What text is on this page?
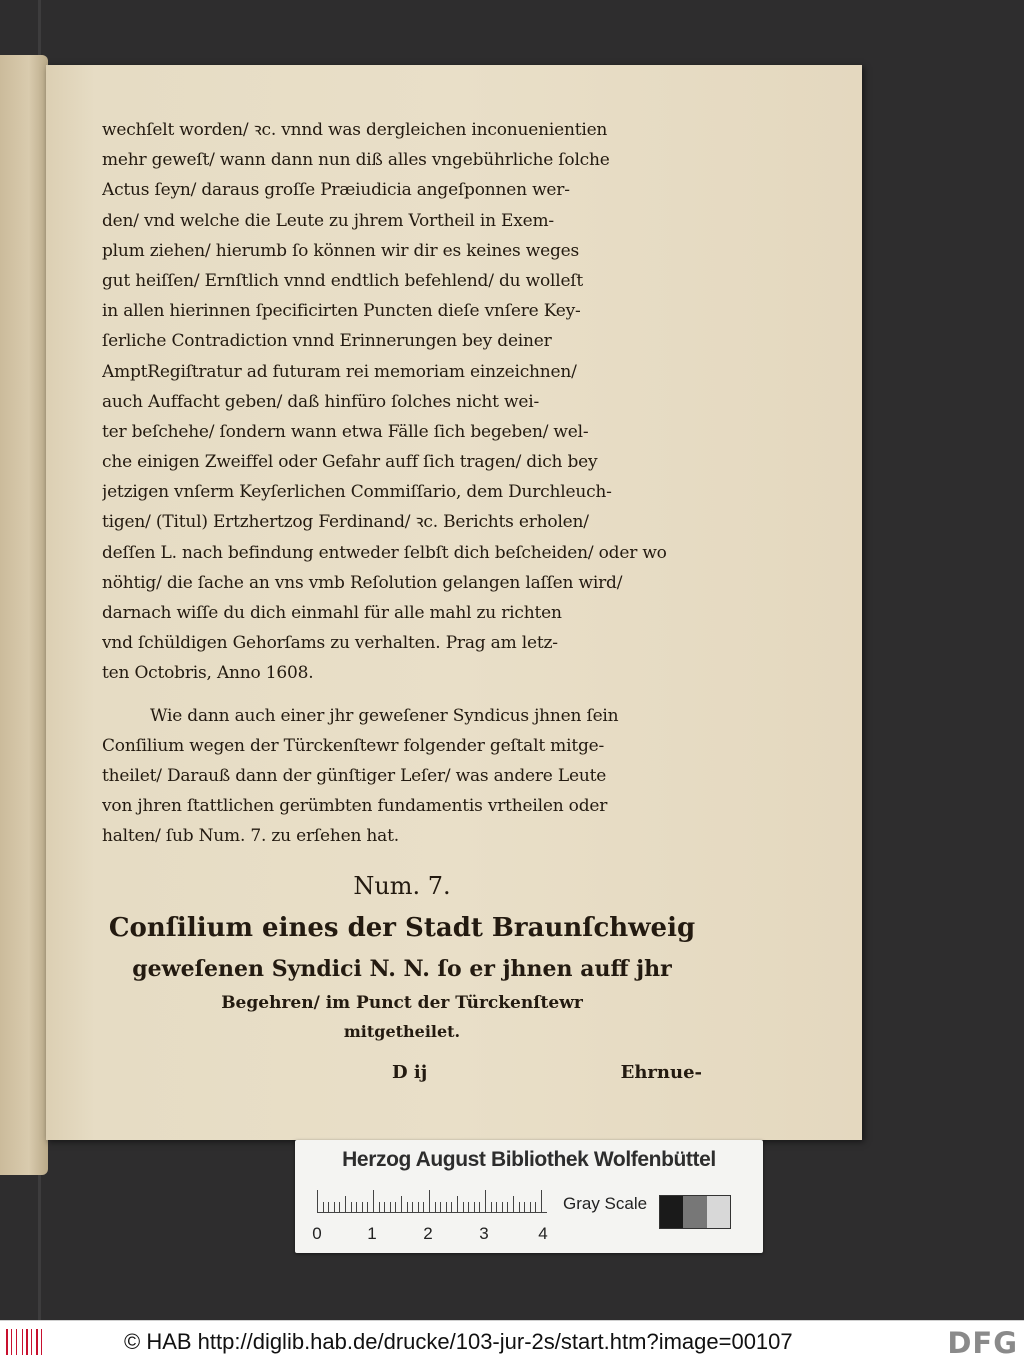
wechſelt worden/ ꝛc. vnnd was dergleichen inconuenientien
mehr geweſt/ wann dann nun diß alles vngebührliche ſolche
Actus ſeyn/ daraus groſſe Præiudicia angeſponnen wer-
den/ vnd welche die Leute zu jhrem Vortheil in Exem-
plum ziehen/ hierumb ſo können wir dir es keines weges
gut heiſſen/ Ernſtlich vnnd endtlich befehlend/ du wolleſt
in allen hierinnen ſpecificirten Puncten dieſe vnſere Key-
ſerliche Contradiction vnnd Erinnerungen bey deiner
AmptRegiſtratur ad futuram rei memoriam einzeichnen/
auch Auffacht geben/ daß hinfüro ſolches nicht wei-
ter beſchehe/ ſondern wann etwa Fälle ſich begeben/ wel-
che einigen Zweiffel oder Gefahr auff ſich tragen/ dich bey
jetzigen vnſerm Keyſerlichen Commiſſario, dem Durchleuch-
tigen/ (Titul) Ertzhertzog Ferdinand/ ꝛc. Berichts erholen/
deſſen L. nach befindung entweder ſelbſt dich beſcheiden/ oder wo
nöhtig/ die ſache an vns vmb Reſolution gelangen laſſen wird/
darnach wiſſe du dich einmahl für alle mahl zu richten
vnd ſchüldigen Gehorſams zu verhalten. Prag am letz-
ten Octobris, Anno 1608.
Wie dann auch einer jhr geweſener Syndicus jhnen ſein
Conſilium wegen der Türckenſtewr folgender geſtalt mitge-
theilet/ Darauß dann der günſtiger Leſer/ was andere Leute
von jhren ſtattlichen gerümbten fundamentis vrtheilen oder
halten/ ſub Num. 7. zu erſehen hat.
Num. 7.
Conſilium eines der Stadt Braunſchweig
geweſenen Syndici N. N. ſo er jhnen auff jhr
Begehren/ im Punct der Türckenſtewr
mitgetheilet.
D ij	Ehrnue-
Herzog August Bibliothek Wolfenbüttel
0	1	2	3	4
Gray Scale
© HAB http://diglib.hab.de/drucke/103-jur-2s/start.htm?image=00107	DFG
